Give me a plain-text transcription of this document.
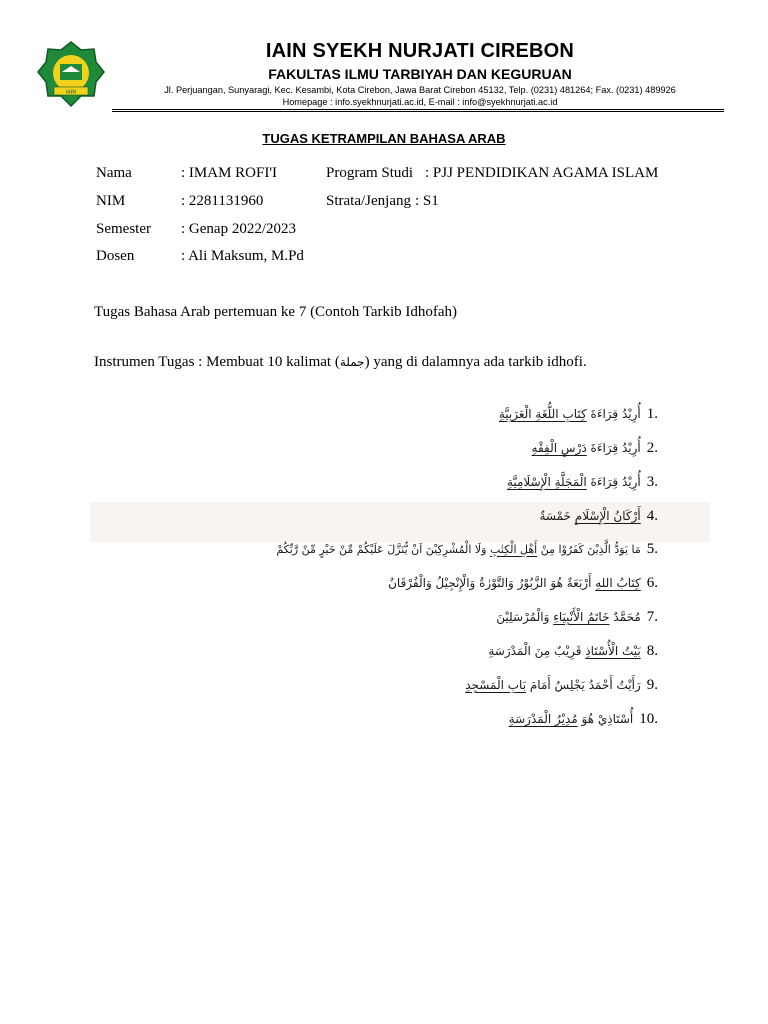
IAIN
IAIN SYEKH NURJATI CIREBON
FAKULTAS ILMU TARBIYAH DAN KEGURUAN
Jl. Perjuangan, Sunyaragi, Kec. Kesambi, Kota Cirebon, Jawa Barat Cirebon 45132, Telp. (0231) 481264; Fax. (0231) 489926
Homepage : info.syekhnurjati.ac.id, E-mail : info@syekhnurjati.ac.id
TUGAS KETRAMPILAN BAHASA ARAB
Nama	: IMAM ROFI'I	Program Studi : PJJ PENDIDIKAN AGAMA ISLAM
NIM	: 2281131960	Strata/Jenjang : S1
Semester : Genap 2022/2023
Dosen	: Ali Maksum, M.Pd
Tugas Bahasa Arab pertemuan ke 7 (Contoh Tarkib Idhofah)
Instrumen Tugas : Membuat 10 kalimat (جملة) yang di dalamnya ada tarkib idhofi.
1.
أُرِيْدُ قِرَاءَةَ كِتَابِ اللُّغَةِ الْعَرَبِيَّةِ
2.
أُرِيْدُ قِرَاءَةَ دَرْسِ الْفِقْهِ
3.
أُرِيْدُ قِرَاءَةَ الْمَجَلَّةِ الْإِسْلَامِيَّةِ
4.
أَرْكَانُ الْإِسْلَامِ خَمْسَةٌ
5.
مَا يَوَدُّ الَّذِيْنَ كَفَرُوْا مِنْ أَهْلِ الْكِتٰبِ وَلَا الْمُشْرِكِيْنَ اَنْ يُّنَزَّلَ عَلَيْكُمْ مِّنْ خَيْرٍ مِّنْ رَّبِّكُمْ
6.
كِتَابُ اللهِ أَرْبَعَةٌ هُوَ الزَّبُوْرُ وَالتَّوْرٰةُ وَالْإِنْجِيْلُ وَالْفُرْقَانُ
7.
مُحَمَّدٌ خَاتَمُ الْأَنْبِيَاءِ وَالْمُرْسَلِيْنَ
8.
بَيْتُ الْأُسْتَاذِ قَرِيْبٌ مِنَ الْمَدْرَسَةِ
9.
رَأَيْتُ أَحْمَدُ يَجْلِسُ أَمَامَ بَابِ الْمَسْجِدِ
10.
أُسْتَاذِيْ هُوَ مُدِيْرُ الْمَدْرَسَةِ
